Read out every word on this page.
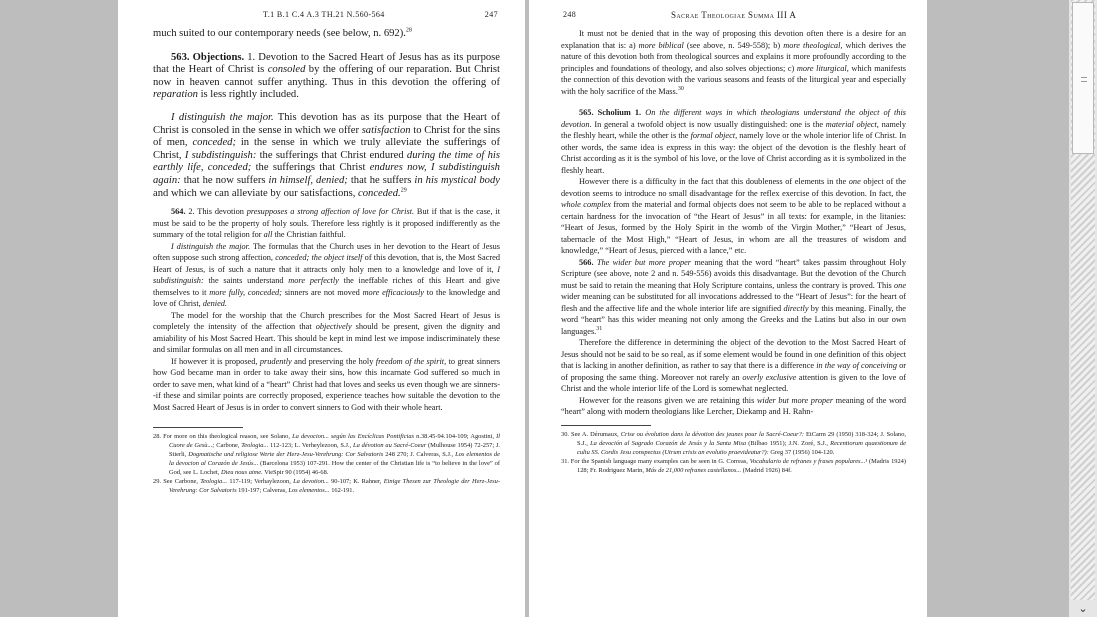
T.1 B.1 C.4 A.3 TH.21 N.560-564	247

much suited to our contemporary needs (see below, n. 692).$^{28}$

563. Objections. 1. Devotion to the Sacred Heart of Jesus has as its purpose that the Heart of Christ is consoled by the offering of our reparation. But Christ now in heaven cannot suffer anything. Thus in this devotion the offering of reparation is less rightly included.

I distinguish the major. This devotion has as its purpose that the Heart of Christ is consoled in the sense in which we offer satisfaction to Christ for the sins of men, conceded; in the sense in which we truly alleviate the sufferings of Christ, I subdistinguish: the sufferings that Christ endured during the time of his earthly life, conceded; the sufferings that Christ endures now, I subdistinguish again: that he now suffers in himself, denied; that he suffers in his mystical body and which we can alleviate by our satisfactions, conceded.$^{29}$

564. 2. This devotion presupposes a strong affection of love for Christ. But if that is the case, it must be said to be the property of holy souls. Therefore less rightly is it proposed indifferently as the summary of the total religion for all the Christian faithful.

I distinguish the major. The formulas that the Church uses in her devotion to the Heart of Jesus often suppose such strong affection, conceded; the object itself of this devotion, that is, the Most Sacred Heart of Jesus, is of such a nature that it attracts only holy men to a knowledge and love of it, I subdistinguish: the saints understand more perfectly the ineffable riches of this Heart and give themselves to it more fully, conceded; sinners are not moved more efficaciously to the knowledge and love of Christ, denied.

The model for the worship that the Church prescribes for the Most Sacred Heart of Jesus is completely the intensity of the affection that objectively should be present, given the dignity and amiability of his Most Sacred Heart. This should be kept in mind lest we impose indiscriminately these and similar formulas on all men and in all circumstances.

If however it is proposed, prudently and preserving the holy freedom of the spirit, to great sinners how God became man in order to take away their sins, how this incarnate God suffered so much in order to save men, what kind of a “heart” Christ had that loves and seeks us even though we are sinners--if these and similar points are correctly proposed, experience teaches how suitable the devotion to the Most Sacred Heart of Jesus is in order to convert sinners to God with their whole heart.

28. For more on this theological reason, see Solano, La devocion... según las Encíclicas Pontificias n.38.45-94.104-109; Agostini, Il Cuore de Gesù...; Carbone, Teologia... 112-123; L. Verheylezoon, S.J., La dévotion au Sacré-Coeur (Mulhouse 1954) 72-257; J. Stierli, Dogmatische und religiose Werte der Herz-Jesu-Verehrung: Cor Salvatoris 248 270; J. Calveras, S.J., Los elementos de la devocion al Corazón de Jesús... (Barcelona 1953) 107-291. How the center of the Christian life is “to believe in the love” of God, see L. Lochet, Dieu nous aime. VieSpir 90 (1954) 46-68.

29. See Carbone, Teologia... 117-119; Verhaylezoon, La devotion... 90-107; K. Rahner, Einige Thesen zur Theologie der Herz-Jesu-Verehrung: Cor Salvatoris 191-197; Calveras, Los elementos... 162-191.

248	Sacrae Theologiae Summa III A

It must not be denied that in the way of proposing this devotion often there is a desire for an explanation that is: a) more biblical (see above, n. 549-558); b) more theological, which derives the nature of this devotion both from theological sources and explains it more profoundly according to the principles and foundations of theology, and also solves objections; c) more liturgical, which manifests the connection of this devotion with the various seasons and feasts of the liturgical year and especially with the holy sacrifice of the Mass.$^{30}$

565. Scholium 1. On the different ways in which theologians understand the object of this devotion. In general a twofold object is now usually distinguished: one is the material object, namely the fleshly heart, while the other is the formal object, namely love or the whole interior life of Christ. In other words, the same idea is express in this way: the object of the devotion is the fleshly heart of Christ according as it is the symbol of his love, or the love of Christ according as it is symbolized in the fleshly heart.

However there is a difficulty in the fact that this doubleness of elements in the one object of the devotion seems to introduce no small disadvantage for the reflex exercise of this devotion. In fact, the whole complex from the material and formal objects does not seem to be able to be replaced without a certain hardness for the invocation of “the Heart of Jesus” in all texts: for example, in the litanies: “Heart of Jesus, formed by the Holy Spirit in the womb of the Virgin Mother,” “Heart of Jesus, tabernacle of the Most High,” “Heart of Jesus, in whom are all the treasures of wisdom and knowledge,” “Heart of Jesus, pierced with a lance,” etc.

566. The wider but more proper meaning that the word “heart” takes passim throughout Holy Scripture (see above, note 2 and n. 549-556) avoids this disadvantage. But the devotion of the Church must be said to retain the meaning that Holy Scripture contains, unless the contrary is proved. This one wider meaning can be substituted for all invocations addressed to the “Heart of Jesus”: for the heart of flesh and the affective life and the whole interior life are signified directly by this meaning. Finally, the word “heart” has this wider meaning not only among the Greeks and the Latins but also in our own languages.$^{31}$

Therefore the difference in determining the object of the devotion to the Most Sacred Heart of Jesus should not be said to be so real, as if some element would be found in one definition of this object that is lacking in another definition, as rather to say that there is a difference in the way of conceiving or of proposing the same thing. Moreover not rarely an overly exclusive attention is given to the love of Christ and the whole interior life of the Lord is somewhat neglected.

However for the reasons given we are retaining this wider but more proper meaning of the word “heart” along with modern theologians like Lercher, Diekamp and H. Rahn-

30. See A. Dérumaux, Crise ou évolution dans la dévotion des jeunes pour la Sacré-Coeur?: EtCarm 29 (1950) 318-324; J. Solano, S.J., La devoción al Sagrado Corazón de Jesús y la Santa Misa (Bilbao 1951); J.N. Zoré, S.J., Recentiorum quaestionum de cultu SS. Cordis Jesu conspectus (Utrum crisis an evolutio praevideatur?): Greg 37 (1956) 104-120.

31. For the Spanish language many examples can be seen in G. Correas, Vocabulario de refranes y frases populares...¹ (Madris 1924) 128; Fr. Rodriguez Marin, Más de 21,000 refranes castellanos... (Madrid 1926) 84f.

⌄
